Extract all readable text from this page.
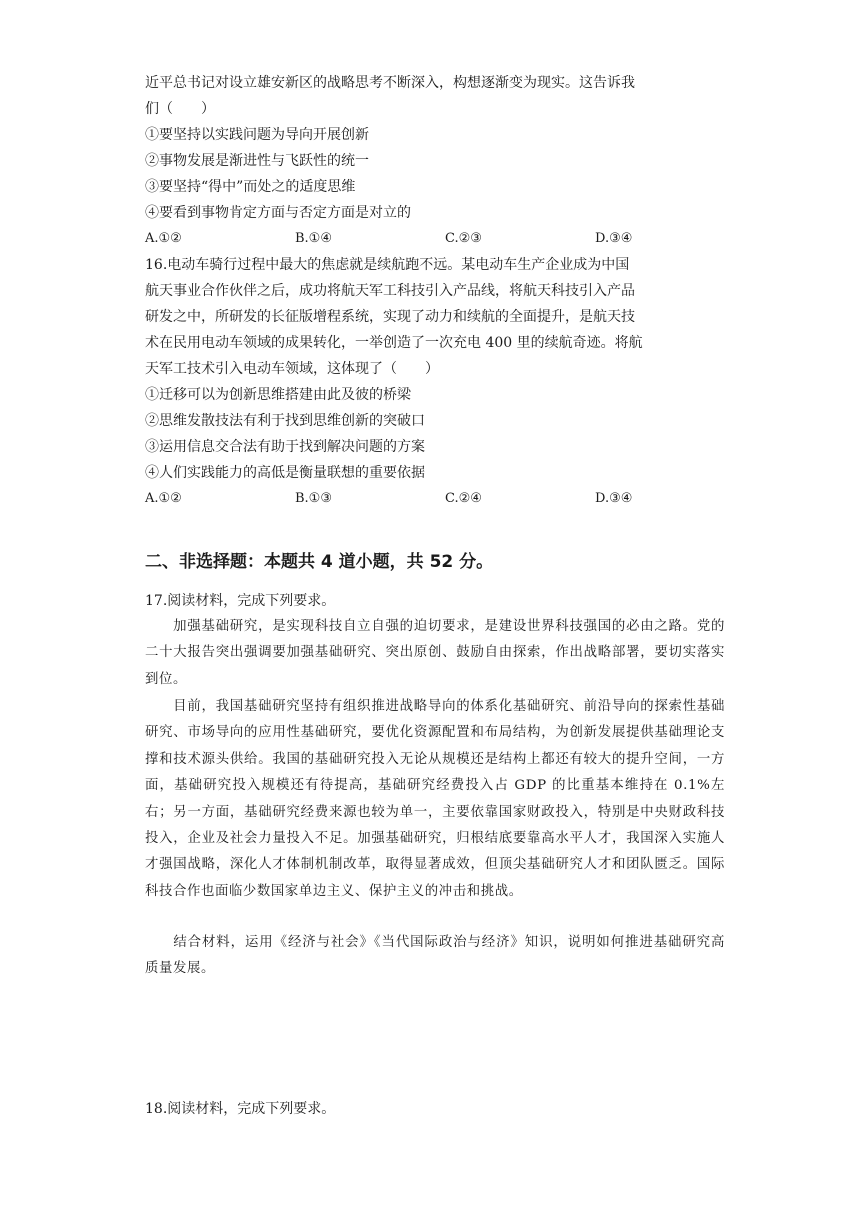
近平总书记对设立雄安新区的战略思考不断深入，构想逐渐变为现实。这告诉我
们（　　）
①要坚持以实践问题为导向开展创新
②事物发展是渐进性与飞跃性的统一
③要坚持“得中”而处之的适度思维
④要看到事物肯定方面与否定方面是对立的
A.①②	B.①④	C.②③	D.③④
16.电动车骑行过程中最大的焦虑就是续航跑不远。某电动车生产企业成为中国
航天事业合作伙伴之后，成功将航天军工科技引入产品线，将航天科技引入产品
研发之中，所研发的长征版增程系统，实现了动力和续航的全面提升，是航天技
术在民用电动车领域的成果转化，一举创造了一次充电 400 里的续航奇迹。将航
天军工技术引入电动车领域，这体现了（　　）
①迁移可以为创新思维搭建由此及彼的桥梁
②思维发散技法有利于找到思维创新的突破口
③运用信息交合法有助于找到解决问题的方案
④人们实践能力的高低是衡量联想的重要依据
A.①②	B.①③	C.②④	D.③④
二、非选择题：本题共 4 道小题，共 52 分。
17.阅读材料，完成下列要求。
加强基础研究，是实现科技自立自强的迫切要求，是建设世界科技强国的必由之路。党的二十大报告突出强调要加强基础研究、突出原创、鼓励自由探索，作出战略部署，要切实落实到位。
目前，我国基础研究坚持有组织推进战略导向的体系化基础研究、前沿导向的探索性基础研究、市场导向的应用性基础研究，要优化资源配置和布局结构，为创新发展提供基础理论支撑和技术源头供给。我国的基础研究投入无论从规模还是结构上都还有较大的提升空间，一方面，基础研究投入规模还有待提高，基础研究经费投入占 GDP 的比重基本维持在 0.1%左右；另一方面，基础研究经费来源也较为单一，主要依靠国家财政投入，特别是中央财政科技投入，企业及社会力量投入不足。加强基础研究，归根结底要靠高水平人才，我国深入实施人才强国战略，深化人才体制机制改革，取得显著成效，但顶尖基础研究人才和团队匮乏。国际科技合作也面临少数国家单边主义、保护主义的冲击和挑战。
结合材料，运用《经济与社会》《当代国际政治与经济》知识，说明如何推进基础研究高质量发展。
18.阅读材料，完成下列要求。
